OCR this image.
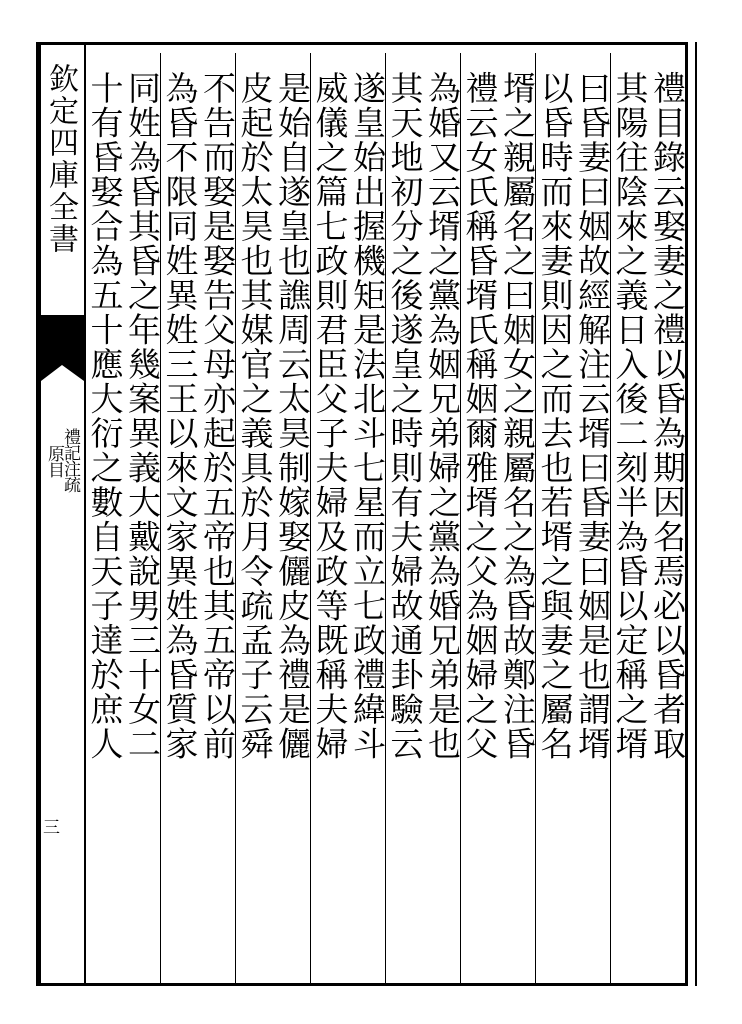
欽定四庫全書
禮記注疏
原目
三
禮目錄云娶妻之禮以昏為期因名焉必以昏者取
其陽往陰來之義日入後二刻半為昏以定稱之壻
曰昏妻曰姻故經解注云壻曰昏妻曰姻是也謂壻
以昏時而來妻則因之而去也若壻之與妻之屬名
壻之親屬名之曰姻女之親屬名之為昏故鄭注昏
禮云女氏稱昏壻氏稱姻爾雅壻之父為姻婦之父
為婚又云壻之黨為姻兄弟婦之黨為婚兄弟是也
其天地初分之後遂皇之時則有夫婦故通卦驗云
遂皇始出握機矩是法北斗七星而立七政禮緯斗
威儀之篇七政則君臣父子夫婦及政等既稱夫婦
是始自遂皇也譙周云太昊制嫁娶儷皮為禮是儷
皮起於太昊也其媒官之義具於月令疏孟子云舜
不告而娶是娶告父母亦起於五帝也其五帝以前
為昏不限同姓異姓三王以來文家異姓為昏質家
同姓為昏其昏之年幾案異義大戴說男三十女二
十有昏娶合為五十應大衍之數自天子達於庶人
